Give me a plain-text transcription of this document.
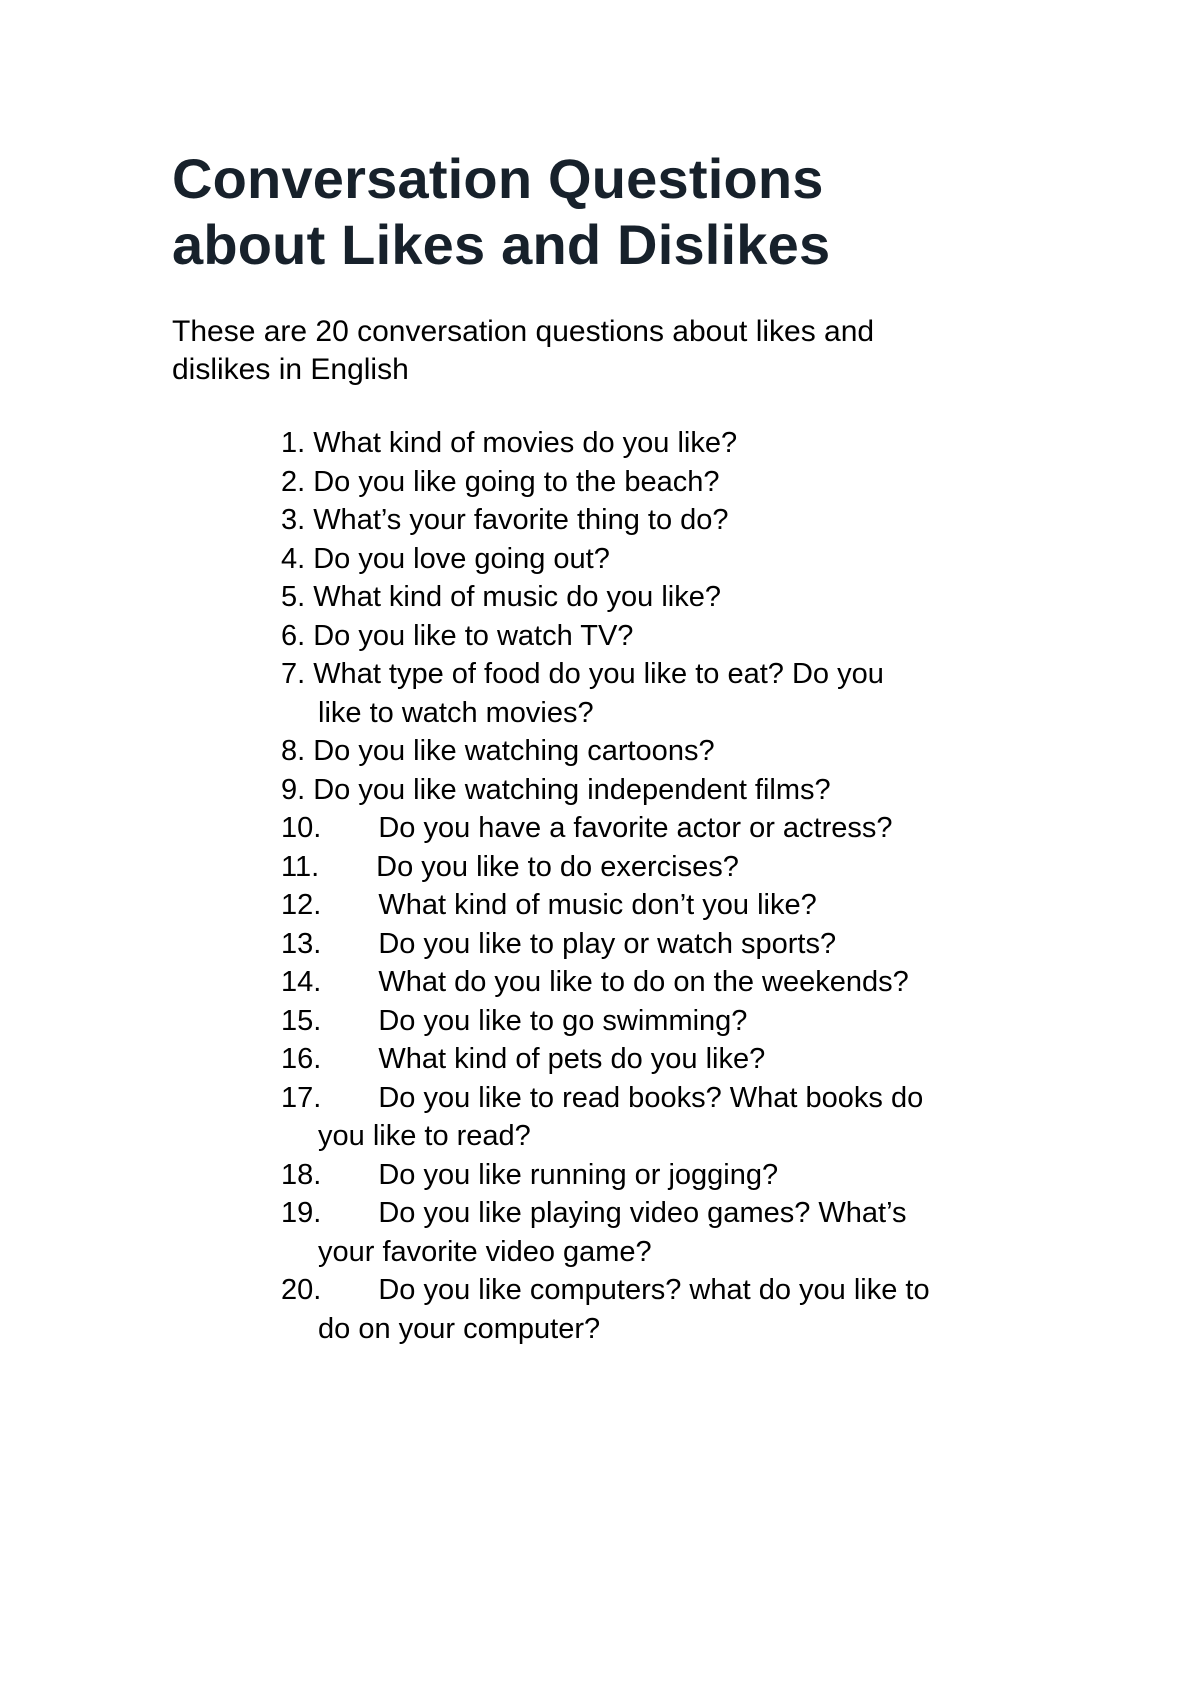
Conversation Questions
about Likes and Dislikes

These are 20 conversation questions about likes and
dislikes in English

1. What kind of movies do you like?
2. Do you like going to the beach?
3. What’s your favorite thing to do?
4. Do you love going out?
5. What kind of music do you like?
6. Do you like to watch TV?
7. What type of food do you like to eat? Do you
like to watch movies?
8. Do you like watching cartoons?
9. Do you like watching independent films?
10. Do you have a favorite actor or actress?
11. Do you like to do exercises?
12. What kind of music don’t you like?
13. Do you like to play or watch sports?
14. What do you like to do on the weekends?
15. Do you like to go swimming?
16. What kind of pets do you like?
17. Do you like to read books? What books do
you like to read?
18. Do you like running or jogging?
19. Do you like playing video games? What’s
your favorite video game?
20. Do you like computers? what do you like to
do on your computer?
